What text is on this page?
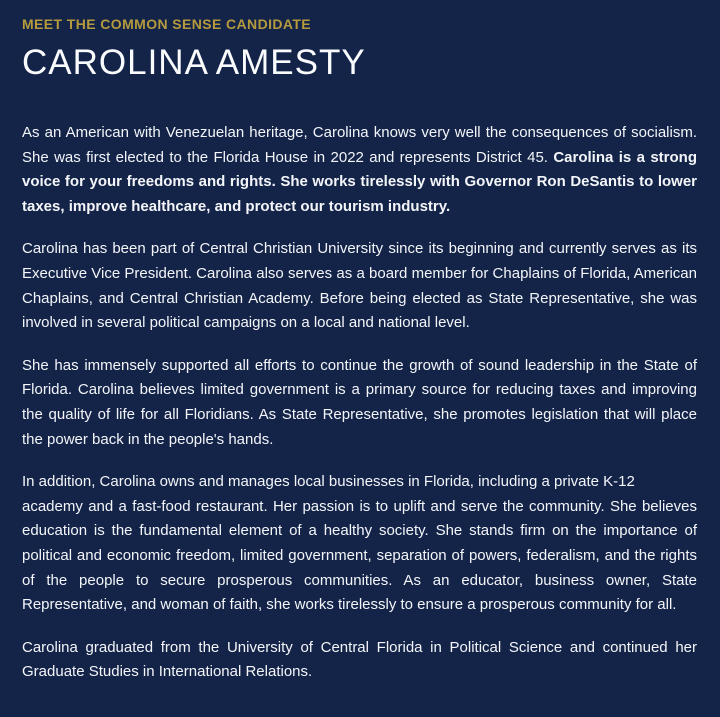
MEET THE COMMON SENSE CANDIDATE
CAROLINA AMESTY

As an American with Venezuelan heritage, Carolina knows very well the consequences of socialism. She was first elected to the Florida House in 2022 and represents District 45. Carolina is a strong voice for your freedoms and rights. She works tirelessly with Governor Ron DeSantis to lower taxes, improve healthcare, and protect our tourism industry.

Carolina has been part of Central Christian University since its beginning and currently serves as its Executive Vice President. Carolina also serves as a board member for Chaplains of Florida, American Chaplains, and Central Christian Academy. Before being elected as State Representative, she was involved in several political campaigns on a local and national level.

She has immensely supported all efforts to continue the growth of sound leadership in the State of Florida. Carolina believes limited government is a primary source for reducing taxes and improving the quality of life for all Floridians. As State Representative, she promotes legislation that will place the power back in the people's hands.

In addition, Carolina owns and manages local businesses in Florida, including a private K-12
academy and a fast-food restaurant. Her passion is to uplift and serve the community. She believes education is the fundamental element of a healthy society. She stands firm on the importance of political and economic freedom, limited government, separation of powers, federalism, and the rights of the people to secure prosperous communities. As an educator, business owner, State Representative, and woman of faith, she works tirelessly to ensure a prosperous community for all.

Carolina graduated from the University of Central Florida in Political Science and continued her Graduate Studies in International Relations.
